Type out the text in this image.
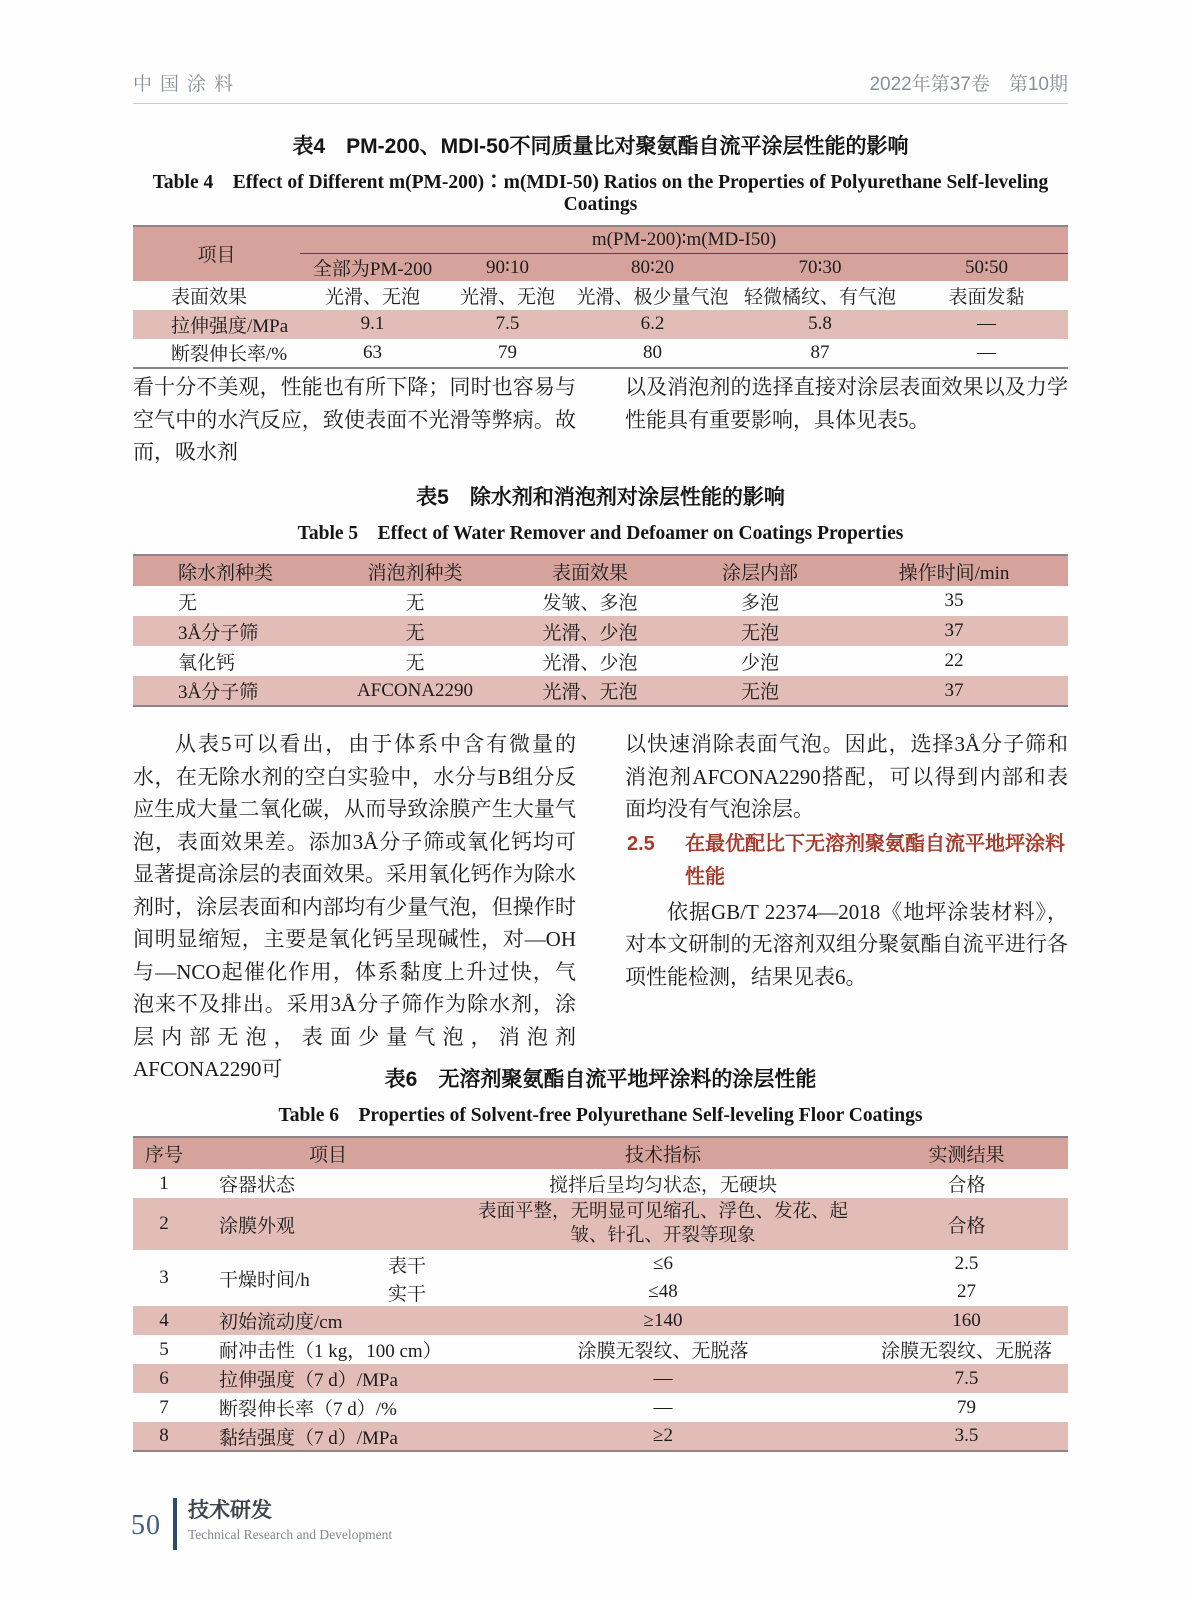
中国涂料	2022年第37卷　第10期
表4　PM-200、MDI-50不同质量比对聚氨酯自流平涂层性能的影响
Table 4　Effect of Different m(PM-200)∶m(MDI-50) Ratios on the Properties of Polyurethane Self-leveling Coatings
项目	m(PM-200)∶m(MD-I50)				
	全部为PM-200	90∶10	80∶20	70∶30	50∶50
表面效果	光滑、无泡	光滑、无泡	光滑、极少量气泡	轻微橘纹、有气泡	表面发黏
拉伸强度/MPa	9.1	7.5	6.2	5.8	—
断裂伸长率/%	63	79	80	87	—
看十分不美观，性能也有所下降；同时也容易与空气中的水汽反应，致使表面不光滑等弊病。故而，吸水剂
以及消泡剂的选择直接对涂层表面效果以及力学性能具有重要影响，具体见表5。
表5　除水剂和消泡剂对涂层性能的影响
Table 5　Effect of Water Remover and Defoamer on Coatings Properties
除水剂种类	消泡剂种类	表面效果	涂层内部	操作时间/min
无	无	发皱、多泡	多泡	35
3Å分子筛	无	光滑、少泡	无泡	37
氧化钙	无	光滑、少泡	少泡	22
3Å分子筛	AFCONA2290	光滑、无泡	无泡	37

从表5可以看出，由于体系中含有微量的水，在无除水剂的空白实验中，水分与B组分反应生成大量二氧化碳，从而导致涂膜产生大量气泡，表面效果差。添加3Å分子筛或氧化钙均可显著提高涂层的表面效果。采用氧化钙作为除水剂时，涂层表面和内部均有少量气泡，但操作时间明显缩短，主要是氧化钙呈现碱性，对—OH与—NCO起催化作用，体系黏度上升过快，气泡来不及排出。采用3Å分子筛作为除水剂，涂层内部无泡，表面少量气泡，消泡剂AFCONA2290可

以快速消除表面气泡。因此，选择3Å分子筛和消泡剂AFCONA2290搭配，可以得到内部和表面均没有气泡涂层。

2.5 在最优配比下无溶剂聚氨酯自流平地坪涂料性能

依据GB/T 22374—2018《地坪涂装材料》，对本文研制的无溶剂双组分聚氨酯自流平进行各项性能检测，结果见表6。

表6　无溶剂聚氨酯自流平地坪涂料的涂层性能
Table 6　Properties of Solvent-free Polyurethane Self-leveling Floor Coatings
序号	项目		技术指标	实测结果
1	容器状态		搅拌后呈均匀状态，无硬块	合格
2	涂膜外观		表面平整，无明显可见缩孔、浮色、发花、起皱、针孔、开裂等现象	合格
3	干燥时间/h	表干	≤6	2.5
		实干	≤48	27
4	初始流动度/cm		≥140	160
5	耐冲击性（1 kg，100 cm）		涂膜无裂纹、无脱落	涂膜无裂纹、无脱落
6	拉伸强度（7 d）/MPa		—	7.5
7	断裂伸长率（7 d）/%		—	79
8	黏结强度（7 d）/MPa		≥2	3.5
50	技术研发
Technical Research and Development
